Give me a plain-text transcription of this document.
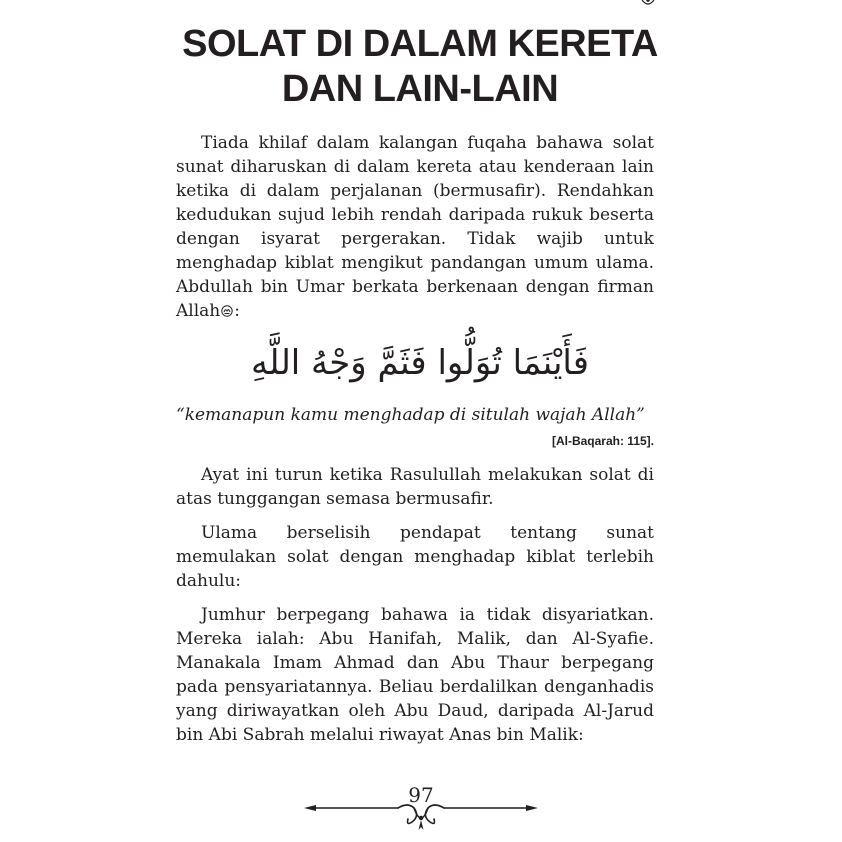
SOLAT DI DALAM KERETA
DAN LAIN-LAIN
Tiada khilaf dalam kalangan fuqaha bahawa solat sunat diharuskan di dalam kereta atau kenderaan lain ketika di dalam perjalanan (bermusafir). Rendahkan kedudukan sujud lebih rendah daripada rukuk beserta dengan isyarat pergerakan. Tidak wajib untuk menghadap kiblat mengikut pandangan umum ulama. Abdullah bin Umar berkata berkenaan dengan firman Allah :
فَأَيْنَمَا تُوَلُّوا فَثَمَّ وَجْهُ اللَّهِ
“kemanapun kamu menghadap di situlah wajah Allah”
[Al-Baqarah: 115].
Ayat ini turun ketika Rasulullah melakukan solat di atas tunggangan semasa bermusafir.
Ulama berselisih pendapat tentang sunat memulakan solat dengan menghadap kiblat terlebih dahulu:
Jumhur berpegang bahawa ia tidak disyariatkan. Mereka ialah: Abu Hanifah, Malik, dan Al-Syafie. Manakala Imam Ahmad dan Abu Thaur berpegang pada pensyariatannya. Beliau berdalilkan denganhadis yang diriwayatkan oleh Abu Daud, daripada Al-Jarud bin Abi Sabrah melalui riwayat Anas bin Malik:
97
